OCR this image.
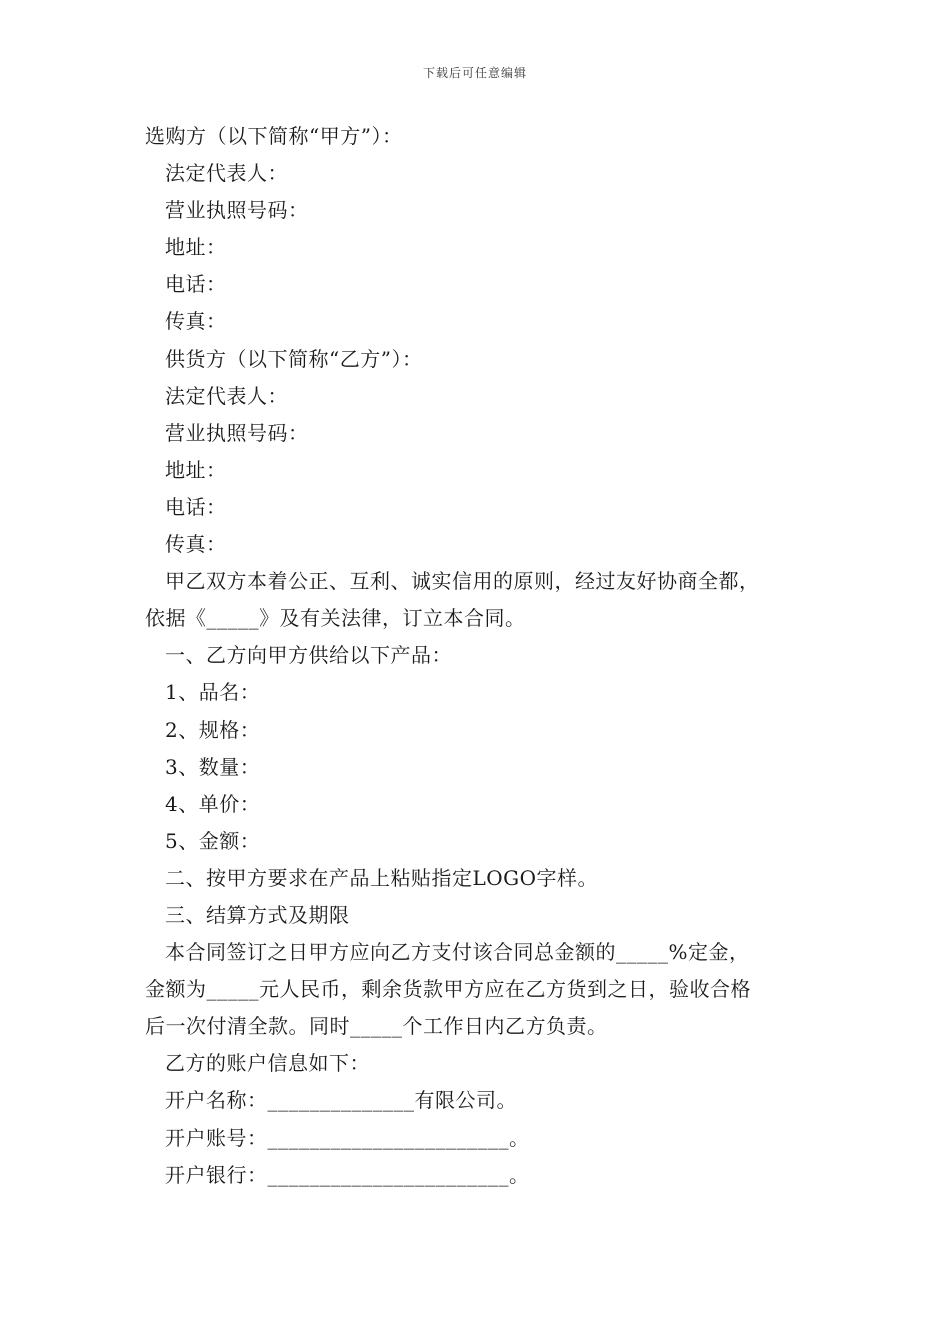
下载后可任意编辑
选购方（以下简称“甲方”）：
法定代表人：
营业执照号码：
地址：
电话：
传真：
供货方（以下简称“乙方”）：
法定代表人：
营业执照号码：
地址：
电话：
传真：
甲乙双方本着公正、互利、诚实信用的原则，经过友好协商全都，
依据《_____》及有关法律，订立本合同。
一、乙方向甲方供给以下产品：
1、品名：
2、规格：
3、数量：
4、单价：
5、金额：
二、按甲方要求在产品上粘贴指定LOGO字样。
三、结算方式及期限
本合同签订之日甲方应向乙方支付该合同总金额的_____%定金，
金额为_____元人民币，剩余货款甲方应在乙方货到之日，验收合格
后一次付清全款。同时_____个工作日内乙方负责。
乙方的账户信息如下：
开户名称：______________有限公司。
开户账号：_______________________。
开户银行：_______________________。
